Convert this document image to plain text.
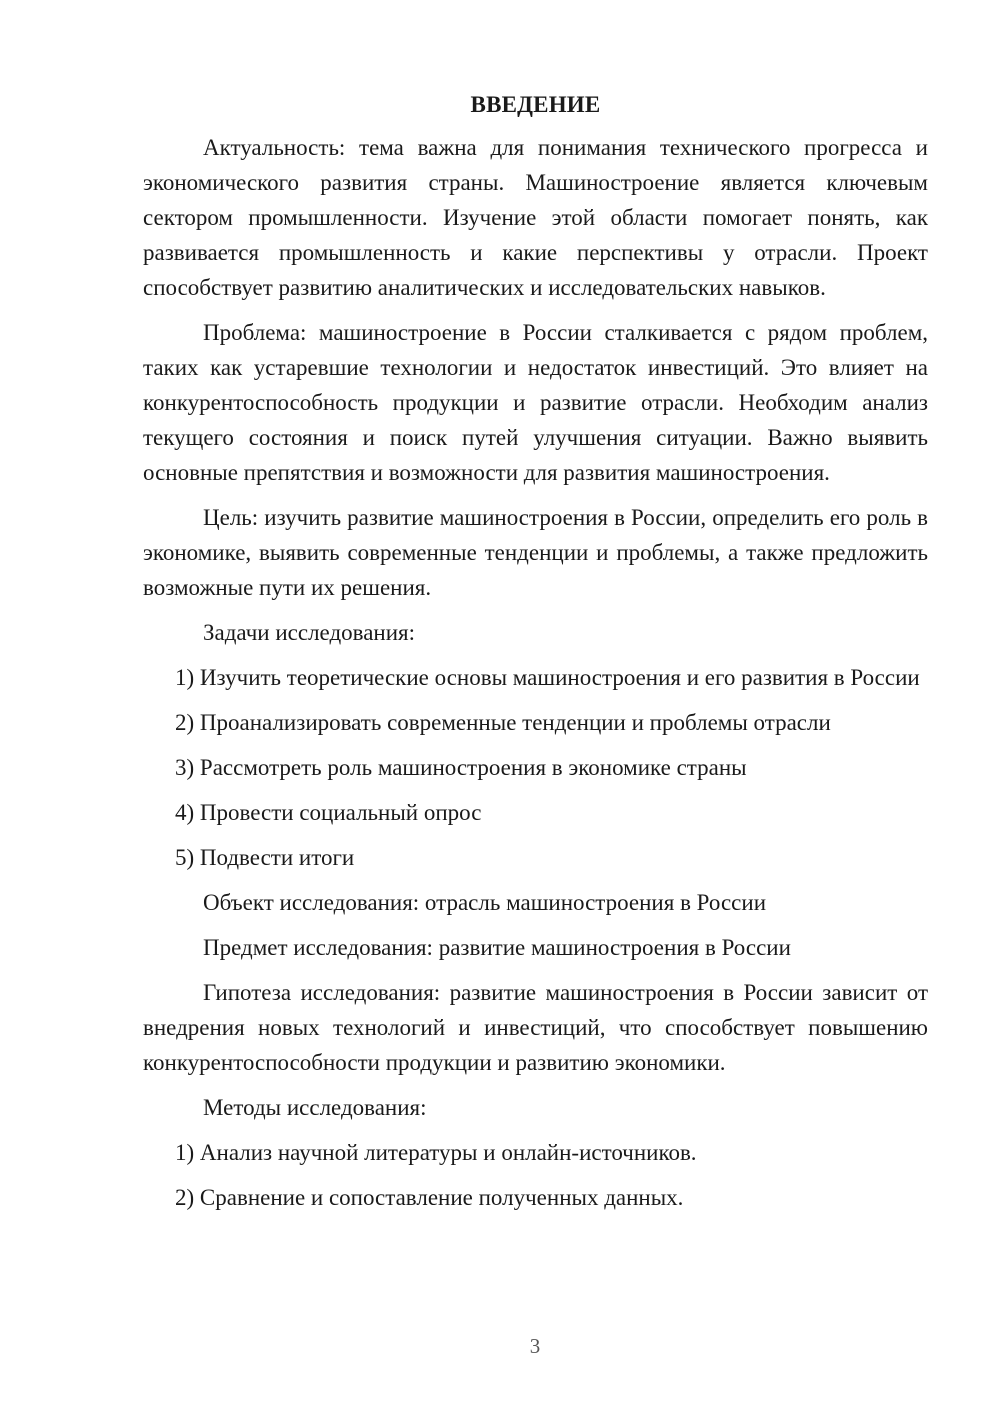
ВВЕДЕНИЕ

Актуальность: тема важна для понимания технического прогресса и экономического развития страны. Машиностроение является ключевым сектором промышленности. Изучение этой области помогает понять, как развивается промышленность и какие перспективы у отрасли. Проект способствует развитию аналитических и исследовательских навыков.

Проблема: машиностроение в России сталкивается с рядом проблем, таких как устаревшие технологии и недостаток инвестиций. Это влияет на конкурентоспособность продукции и развитие отрасли. Необходим анализ текущего состояния и поиск путей улучшения ситуации. Важно выявить основные препятствия и возможности для развития машиностроения.

Цель: изучить развитие машиностроения в России, определить его роль в экономике, выявить современные тенденции и проблемы, а также предложить возможные пути их решения.

Задачи исследования:

1) Изучить теоретические основы машиностроения и его развития в России

2) Проанализировать современные тенденции и проблемы отрасли

3) Рассмотреть роль машиностроения в экономике страны

4) Провести социальный опрос

5) Подвести итоги

Объект исследования: отрасль машиностроения в России

Предмет исследования: развитие машиностроения в России

Гипотеза исследования: развитие машиностроения в России зависит от внедрения новых технологий и инвестиций, что способствует повышению конкурентоспособности продукции и развитию экономики.

Методы исследования:

1) Анализ научной литературы и онлайн-источников.

2) Сравнение и сопоставление полученных данных.

3
